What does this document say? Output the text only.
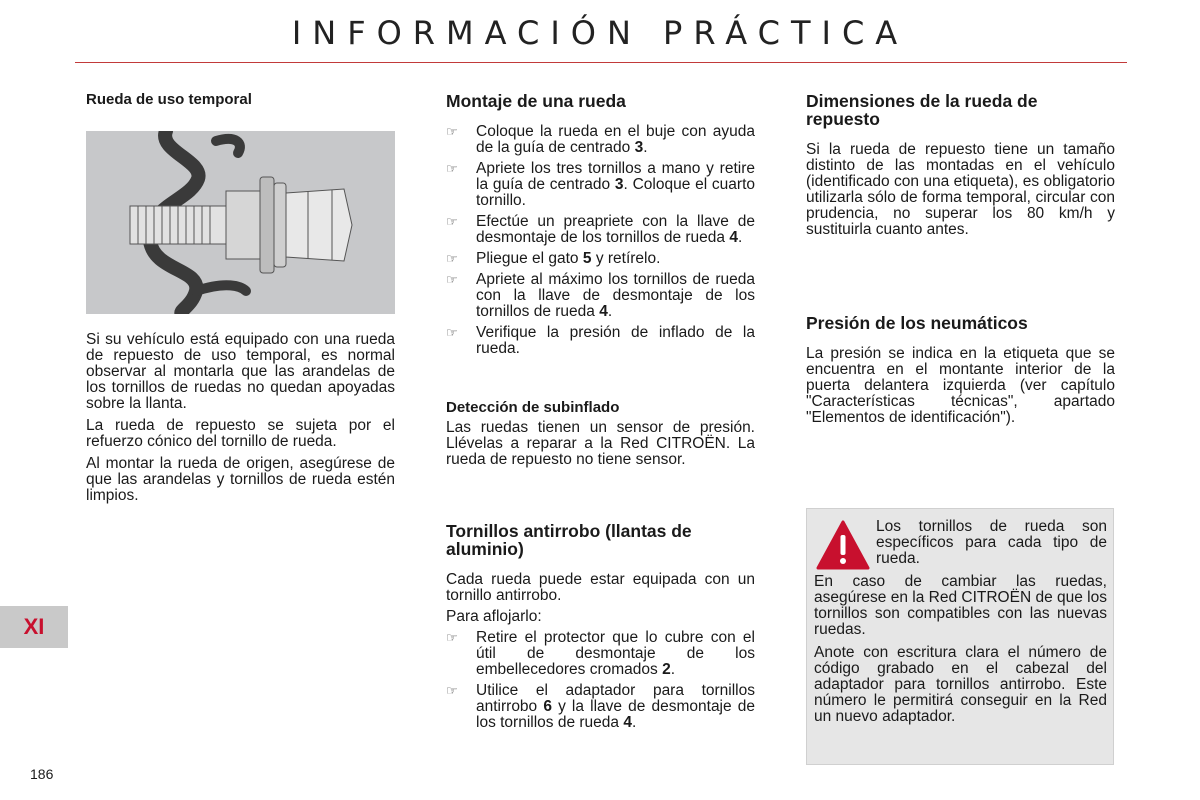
INFORMACIÓN PRÁCTICA
Rueda de uso temporal

Si su vehículo está equipado con una rueda de repuesto de uso temporal, es normal observar al montarla que las arandelas de los tornillos de ruedas no quedan apoyadas sobre la llanta.

La rueda de repuesto se sujeta por el refuerzo cónico del tornillo de rueda.

Al montar la rueda de origen, asegúrese de que las arandelas y tornillos de rueda estén limpios.

Montaje de una rueda
☞ Coloque la rueda en el buje con ayuda de la guía de centrado 3.
☞ Apriete los tres tornillos a mano y retire la guía de centrado 3. Coloque el cuarto tornillo.
☞ Efectúe un preapriete con la llave de desmontaje de los tornillos de rueda 4.
☞ Pliegue el gato 5 y retírelo.
☞ Apriete al máximo los tornillos de rueda con la llave de desmontaje de los tornillos de rueda 4.
☞ Verifique la presión de inflado de la rueda.
Detección de subinflado

Las ruedas tienen un sensor de presión. Llévelas a reparar a la Red CITROËN. La rueda de repuesto no tiene sensor.

Tornillos antirrobo (llantas de aluminio)

Cada rueda puede estar equipada con un tornillo antirrobo.

Para aflojarlo:

☞ Retire el protector que lo cubre con el útil de desmontaje de los embellecedores cromados 2.
☞ Utilice el adaptador para tornillos antirrobo 6 y la llave de desmontaje de los tornillos de rueda 4.
Dimensiones de la rueda de repuesto

Si la rueda de repuesto tiene un tamaño distinto de las montadas en el vehículo (identificado con una etiqueta), es obligatorio utilizarla sólo de forma temporal, circular con prudencia, no superar los 80 km/h y sustituirla cuanto antes.

Presión de los neumáticos

La presión se indica en la etiqueta que se encuentra en el montante interior de la puerta delantera izquierda (ver capítulo "Características técnicas", apartado "Elementos de identificación").

Los tornillos de rueda son específicos para cada tipo de rueda.

En caso de cambiar las ruedas, asegúrese en la Red CITROËN de que los tornillos son compatibles con las nuevas ruedas.

Anote con escritura clara el número de código grabado en el cabezal del adaptador para tornillos antirrobo. Este número le permitirá conseguir en la Red un nuevo adaptador.

XI
186
